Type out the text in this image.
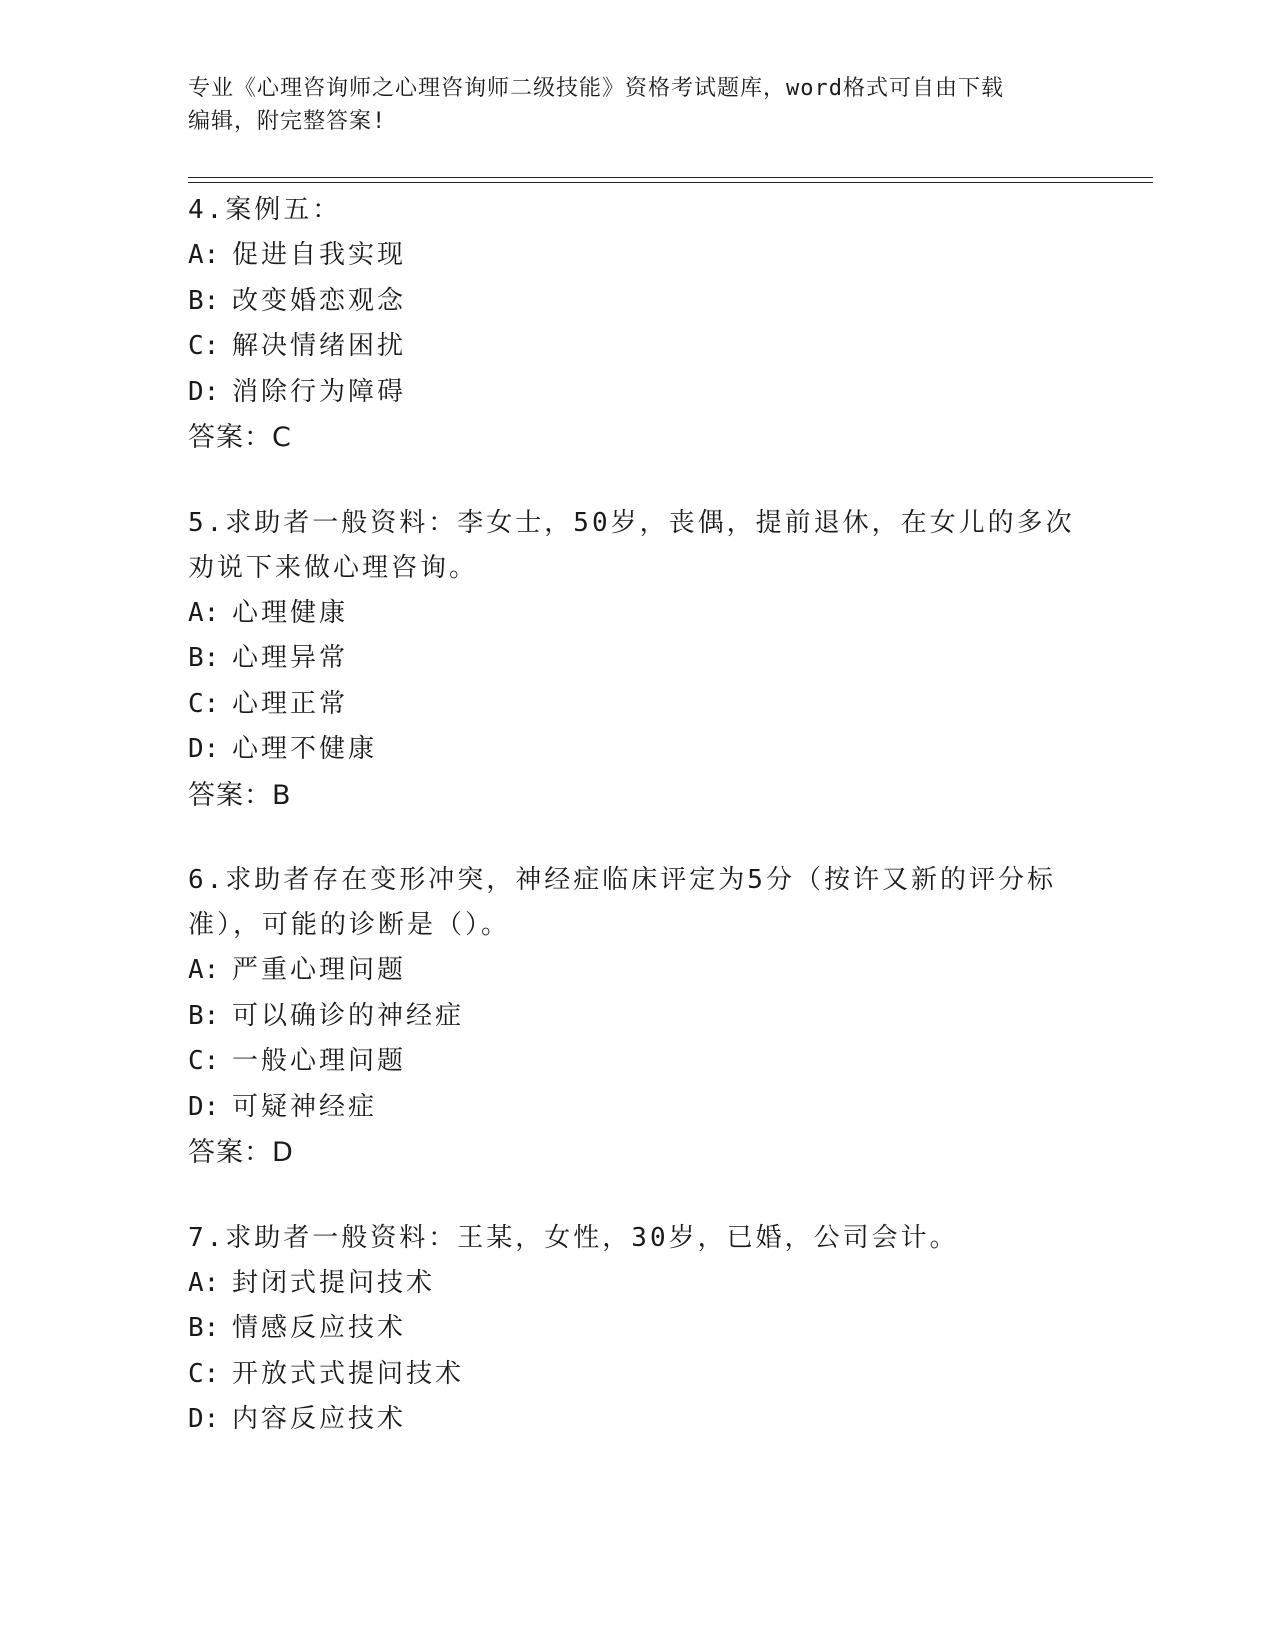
专业《心理咨询师之心理咨询师二级技能》资格考试题库，word格式可自由下载
编辑，附完整答案!
4.案例五：
A: 促进自我实现
B: 改变婚恋观念
C: 解决情绪困扰
D: 消除行为障碍
答案：C
5.求助者一般资料：李女士，50岁，丧偶，提前退休，在女儿的多次劝说下来做心理咨询。
A: 心理健康
B: 心理异常
C: 心理正常
D: 心理不健康
答案：B
6.求助者存在变形冲突，神经症临床评定为5分（按许又新的评分标准），可能的诊断是（）。
A: 严重心理问题
B: 可以确诊的神经症
C: 一般心理问题
D: 可疑神经症
答案：D
7.求助者一般资料：王某，女性，30岁，已婚，公司会计。
A: 封闭式提问技术
B: 情感反应技术
C: 开放式式提问技术
D: 内容反应技术
